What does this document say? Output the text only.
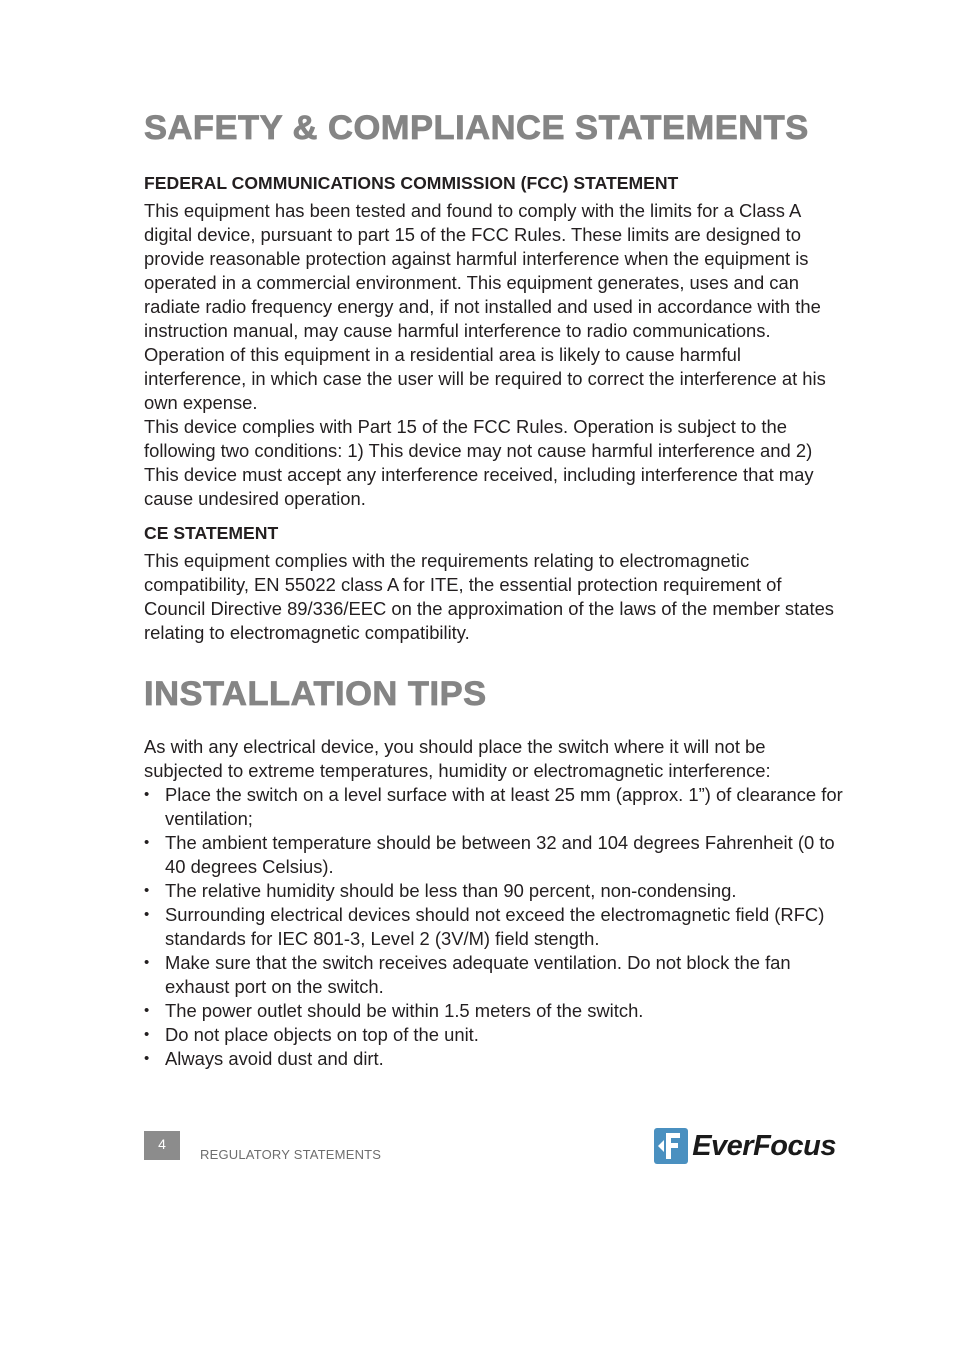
SAFETY & COMPLIANCE STATEMENTS
FEDERAL COMMUNICATIONS COMMISSION (FCC) STATEMENT

This equipment has been tested and found to comply with the limits for a Class A digital device, pursuant to part 15 of the FCC Rules. These limits are designed to provide reasonable protection against harmful interference when the equipment is operated in a commercial environment. This equipment generates, uses and can radiate radio frequency energy and, if not installed and used in accordance with the instruction manual, may cause harmful interference to radio communications. Operation of this equipment in a residential area is likely to cause harmful interference, in which case the user will be required to correct the interference at his own expense.

This device complies with Part 15 of the FCC Rules. Operation is subject to the following two conditions: 1) This device may not cause harmful interference and 2) This device must accept any interference received, including interference that may cause undesired operation.

CE STATEMENT

This equipment complies with the requirements relating to electromagnetic compatibility, EN 55022 class A for ITE, the essential protection requirement of Council Directive 89/336/EEC on the approximation of the laws of the member states relating to electromagnetic compatibility.

INSTALLATION TIPS

As with any electrical device, you should place the switch where it will not be subjected to extreme temperatures, humidity or electromagnetic interference:

• Place the switch on a level surface with at least 25 mm (approx. 1”) of clearance for ventilation;
• The ambient temperature should be between 32 and 104 degrees Fahrenheit (0 to 40 degrees Celsius).
• The relative humidity should be less than 90 percent, non-condensing.
• Surrounding electrical devices should not exceed the electromagnetic field (RFC) standards for IEC 801-3, Level 2 (3V/M) field stength.
• Make sure that the switch receives adequate ventilation. Do not block the fan exhaust port on the switch.
• The power outlet should be within 1.5 meters of the switch.
• Do not place objects on top of the unit.
• Always avoid dust and dirt.
4
REGULATORY STATEMENTS	EverFocus
